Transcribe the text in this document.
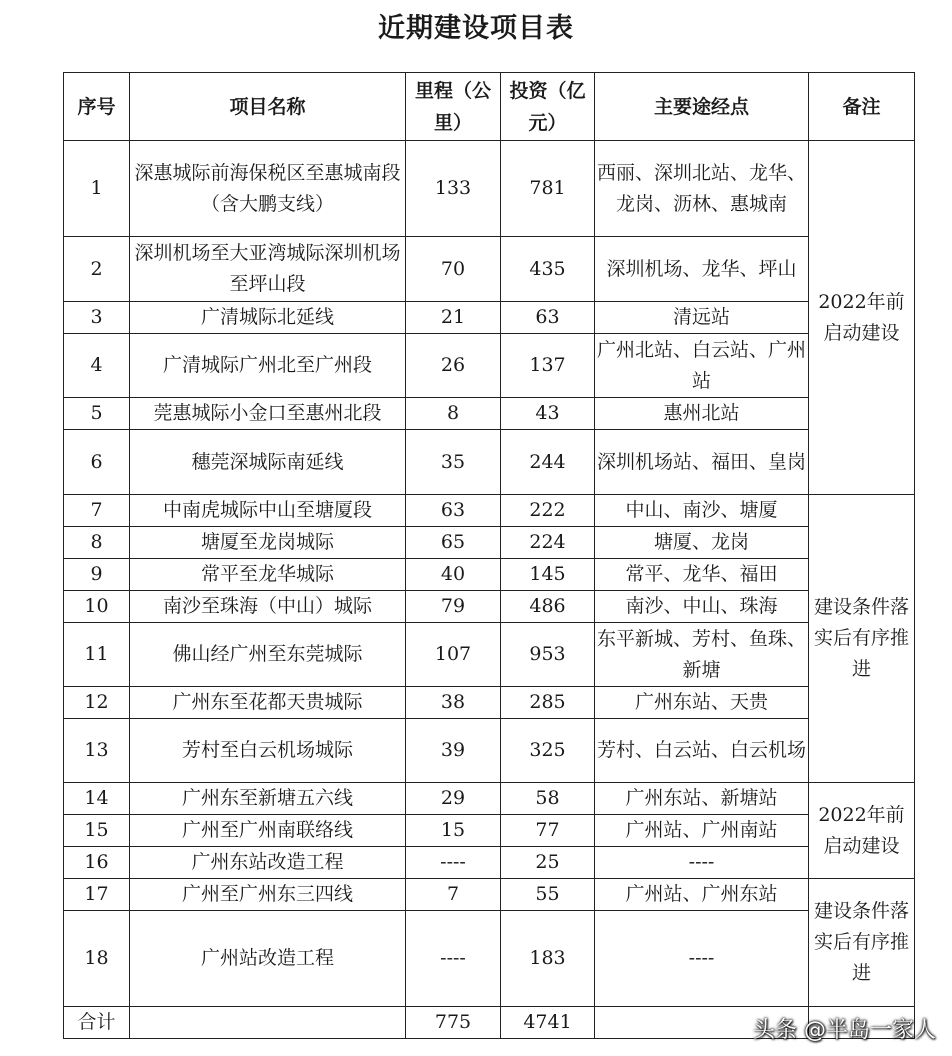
近期建设项目表
序号	项目名称	里程（公里）	投资（亿元）	主要途经点	备注
1	深惠城际前海保税区至惠城南段（含大鹏支线）	133	781	西丽、深圳北站、龙华、龙岗、沥林、惠城南	2022年前启动建设
2	深圳机场至大亚湾城际深圳机场至坪山段	70	435	深圳机场、龙华、坪山	
3	广清城际北延线	21	63	清远站	
4	广清城际广州北至广州段	26	137	广州北站、白云站、广州站	
5	莞惠城际小金口至惠州北段	8	43	惠州北站	
6	穗莞深城际南延线	35	244	深圳机场站、福田、皇岗	
7	中南虎城际中山至塘厦段	63	222	中山、南沙、塘厦	建设条件落实后有序推进
8	塘厦至龙岗城际	65	224	塘厦、龙岗	
9	常平至龙华城际	40	145	常平、龙华、福田	
10	南沙至珠海（中山）城际	79	486	南沙、中山、珠海	
11	佛山经广州至东莞城际	107	953	东平新城、芳村、鱼珠、新塘	
12	广州东至花都天贵城际	38	285	广州东站、天贵	
13	芳村至白云机场城际	39	325	芳村、白云站、白云机场	
14	广州东至新塘五六线	29	58	广州东站、新塘站	2022年前启动建设
15	广州至广州南联络线	15	77	广州站、广州南站	
16	广州东站改造工程	----	25	----	
17	广州至广州东三四线	7	55	广州站、广州东站	建设条件落实后有序推进
18	广州站改造工程	----	183	----	
合计		775	4741			头条 @半岛一家人
